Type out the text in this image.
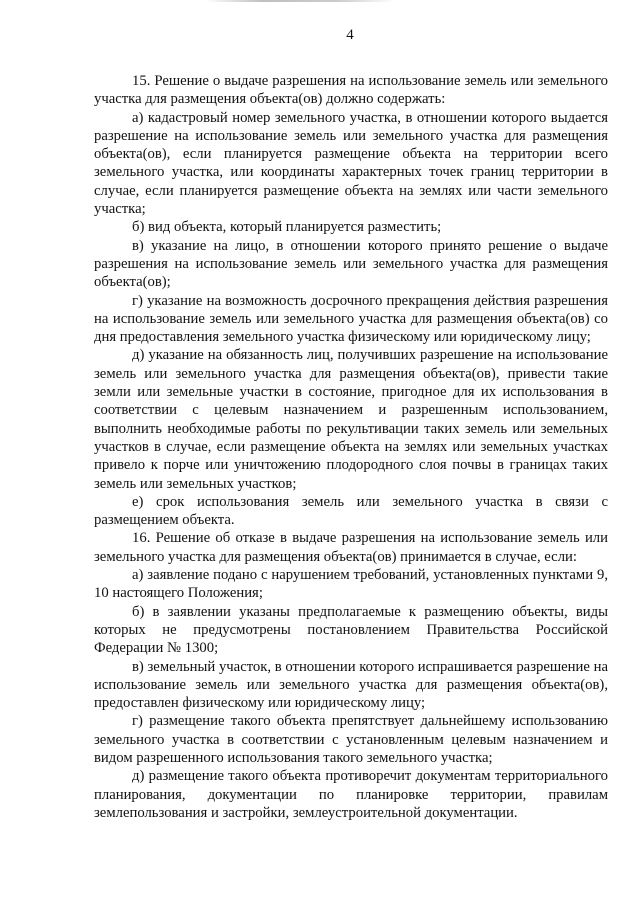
4

15. Решение о выдаче разрешения на использование земель или земельного участка для размещения объекта(ов) должно содержать:

а) кадастровый номер земельного участка, в отношении которого выдается разрешение на использование земель или земельного участка для размещения объекта(ов), если планируется размещение объекта на территории всего земельного участка, или координаты характерных точек границ территории в случае, если планируется размещение объекта на землях или части земельного участка;

б) вид объекта, который планируется разместить;

в) указание на лицо, в отношении которого принято решение о выдаче разрешения на использование земель или земельного участка для размещения объекта(ов);

г) указание на возможность досрочного прекращения действия разрешения на использование земель или земельного участка для размещения объекта(ов) со дня предоставления земельного участка физическому или юридическому лицу;

д) указание на обязанность лиц, получивших разрешение на использование земель или земельного участка для размещения объекта(ов), привести такие земли или земельные участки в состояние, пригодное для их использования в соответствии с целевым назначением и разрешенным использованием, выполнить необходимые работы по рекультивации таких земель или земельных участков в случае, если размещение объекта на землях или земельных участках привело к порче или уничтожению плодородного слоя почвы в границах таких земель или земельных участков;

е) срок использования земель или земельного участка в связи с размещением объекта.

16. Решение об отказе в выдаче разрешения на использование земель или земельного участка для размещения объекта(ов) принимается в случае, если:

а) заявление подано с нарушением требований, установленных пунктами 9, 10 настоящего Положения;

б) в заявлении указаны предполагаемые к размещению объекты, виды которых не предусмотрены постановлением Правительства Российской Федерации № 1300;

в) земельный участок, в отношении которого испрашивается разрешение на использование земель или земельного участка для размещения объекта(ов), предоставлен физическому или юридическому лицу;

г) размещение такого объекта препятствует дальнейшему использованию земельного участка в соответствии с установленным целевым назначением и видом разрешенного использования такого земельного участка;

д) размещение такого объекта противоречит документам территориального планирования, документации по планировке территории, правилам землепользования и застройки, землеустроительной документации.
